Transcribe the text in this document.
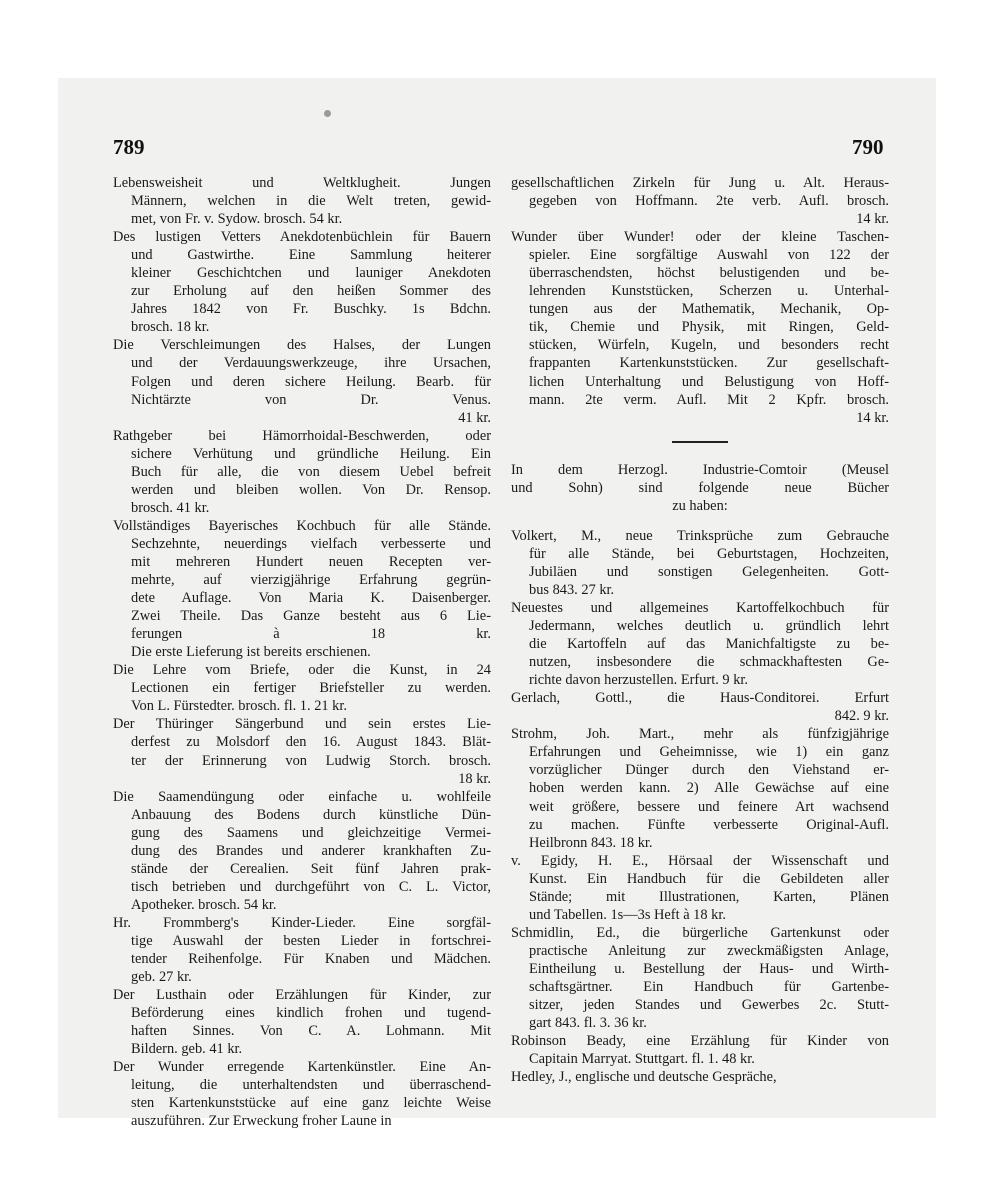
789	790
Lebensweisheit und Weltklugheit. Jungen
Männern, welchen in die Welt treten, gewid-
met, von Fr. v. Sydow. brosch. 54 kr.
Des lustigen Vetters Anekdotenbüchlein für Bauern
und Gastwirthe. Eine Sammlung heiterer
kleiner Geschichtchen und launiger Anekdoten
zur Erholung auf den heißen Sommer des
Jahres 1842 von Fr. Buschky. 1s Bdchn.
brosch. 18 kr.
Die Verschleimungen des Halses, der Lungen
und der Verdauungswerkzeuge, ihre Ursachen,
Folgen und deren sichere Heilung. Bearb. für
Nichtärzte von Dr. Venus.
41 kr.
Rathgeber bei Hämorrhoidal-Beschwerden, oder
sichere Verhütung und gründliche Heilung. Ein
Buch für alle, die von diesem Uebel befreit
werden und bleiben wollen. Von Dr. Rensop.
brosch. 41 kr.
Vollständiges Bayerisches Kochbuch für alle Stände.
Sechzehnte, neuerdings vielfach verbesserte und
mit mehreren Hundert neuen Recepten ver-
mehrte, auf vierzigjährige Erfahrung gegrün-
dete Auflage. Von Maria K. Daisenberger.
Zwei Theile. Das Ganze besteht aus 6 Lie-
ferungen à 18 kr.
Die erste Lieferung ist bereits erschienen.
Die Lehre vom Briefe, oder die Kunst, in 24
Lectionen ein fertiger Briefsteller zu werden.
Von L. Fürstedter. brosch. fl. 1. 21 kr.
Der Thüringer Sängerbund und sein erstes Lie-
derfest zu Molsdorf den 16. August 1843. Blät-
ter der Erinnerung von Ludwig Storch. brosch.
18 kr.
Die Saamendüngung oder einfache u. wohlfeile
Anbauung des Bodens durch künstliche Dün-
gung des Saamens und gleichzeitige Vermei-
dung des Brandes und anderer krankhaften Zu-
stände der Cerealien. Seit fünf Jahren prak-
tisch betrieben und durchgeführt von C. L. Victor,
Apotheker. brosch. 54 kr.
Hr. Frommberg's Kinder-Lieder. Eine sorgfäl-
tige Auswahl der besten Lieder in fortschrei-
tender Reihenfolge. Für Knaben und Mädchen.
geb. 27 kr.
Der Lusthain oder Erzählungen für Kinder, zur
Beförderung eines kindlich frohen und tugend-
haften Sinnes. Von C. A. Lohmann. Mit
Bildern. geb. 41 kr.
Der Wunder erregende Kartenkünstler. Eine An-
leitung, die unterhaltendsten und überraschend-
sten Kartenkunststücke auf eine ganz leichte Weise
auszuführen. Zur Erweckung froher Laune in
gesellschaftlichen Zirkeln für Jung u. Alt. Heraus-
gegeben von Hoffmann. 2te verb. Aufl. brosch.
14 kr.
Wunder über Wunder! oder der kleine Taschen-
spieler. Eine sorgfältige Auswahl von 122 der
überraschendsten, höchst belustigenden und be-
lehrenden Kunststücken, Scherzen u. Unterhal-
tungen aus der Mathematik, Mechanik, Op-
tik, Chemie und Physik, mit Ringen, Geld-
stücken, Würfeln, Kugeln, und besonders recht
frappanten Kartenkunststücken. Zur gesellschaft-
lichen Unterhaltung und Belustigung von Hoff-
mann. 2te verm. Aufl. Mit 2 Kpfr. brosch.
14 kr.
In dem Herzogl. Industrie-Comtoir (Meusel
und Sohn) sind folgende neue Bücher
zu haben:
Volkert, M., neue Trinksprüche zum Gebrauche
für alle Stände, bei Geburtstagen, Hochzeiten,
Jubiläen und sonstigen Gelegenheiten. Gott-
bus 843. 27 kr.
Neuestes und allgemeines Kartoffelkochbuch für
Jedermann, welches deutlich u. gründlich lehrt
die Kartoffeln auf das Manichfaltigste zu be-
nutzen, insbesondere die schmackhaftesten Ge-
richte davon herzustellen. Erfurt. 9 kr.
Gerlach, Gottl., die Haus-Conditorei. Erfurt
842. 9 kr.
Strohm, Joh. Mart., mehr als fünfzigjährige
Erfahrungen und Geheimnisse, wie 1) ein ganz
vorzüglicher Dünger durch den Viehstand er-
hoben werden kann. 2) Alle Gewächse auf eine
weit größere, bessere und feinere Art wachsend
zu machen. Fünfte verbesserte Original-Aufl.
Heilbronn 843. 18 kr.
v. Egidy, H. E., Hörsaal der Wissenschaft und
Kunst. Ein Handbuch für die Gebildeten aller
Stände; mit Illustrationen, Karten, Plänen
und Tabellen. 1s—3s Heft à 18 kr.
Schmidlin, Ed., die bürgerliche Gartenkunst oder
practische Anleitung zur zweckmäßigsten Anlage,
Eintheilung u. Bestellung der Haus- und Wirth-
schaftsgärtner. Ein Handbuch für Gartenbe-
sitzer, jeden Standes und Gewerbes 2c. Stutt-
gart 843. fl. 3. 36 kr.
Robinson Beady, eine Erzählung für Kinder von
Capitain Marryat. Stuttgart. fl. 1. 48 kr.
Hedley, J., englische und deutsche Gespräche,
